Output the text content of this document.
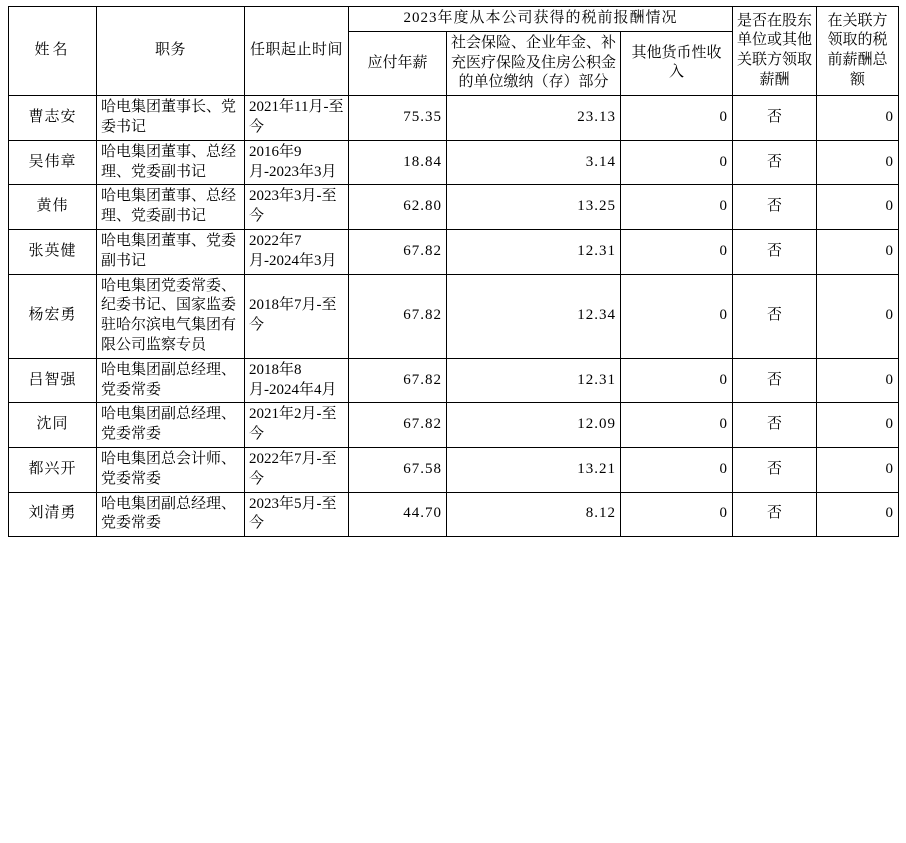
姓名	职务	任职起止时间	2023年度从本公司获得的税前报酬情况			是否在股东单位或其他关联方领取薪酬	在关联方领取的税前薪酬总额
			应付年薪	社会保险、企业年金、补充医疗保险及住房公积金的单位缴纳（存）部分	其他货币性收入		
曹志安	哈电集团董事长、党委书记	2021年11月-至今	75.35	23.13	0	否	0
吴伟章	哈电集团董事、总经理、党委副书记	2016年9月-2023年3月	18.84	3.14	0	否	0
黄伟	哈电集团董事、总经理、党委副书记	2023年3月-至今	62.80	13.25	0	否	0
张英健	哈电集团董事、党委副书记	2022年7月-2024年3月	67.82	12.31	0	否	0
杨宏勇	哈电集团党委常委、纪委书记、国家监委驻哈尔滨电气集团有限公司监察专员	2018年7月-至今	67.82	12.34	0	否	0
吕智强	哈电集团副总经理、党委常委	2018年8月-2024年4月	67.82	12.31	0	否	0
沈同	哈电集团副总经理、党委常委	2021年2月-至今	67.82	12.09	0	否	0
都兴开	哈电集团总会计师、党委常委	2022年7月-至今	67.58	13.21	0	否	0
刘清勇	哈电集团副总经理、党委常委	2023年5月-至今	44.70	8.12	0	否	0
